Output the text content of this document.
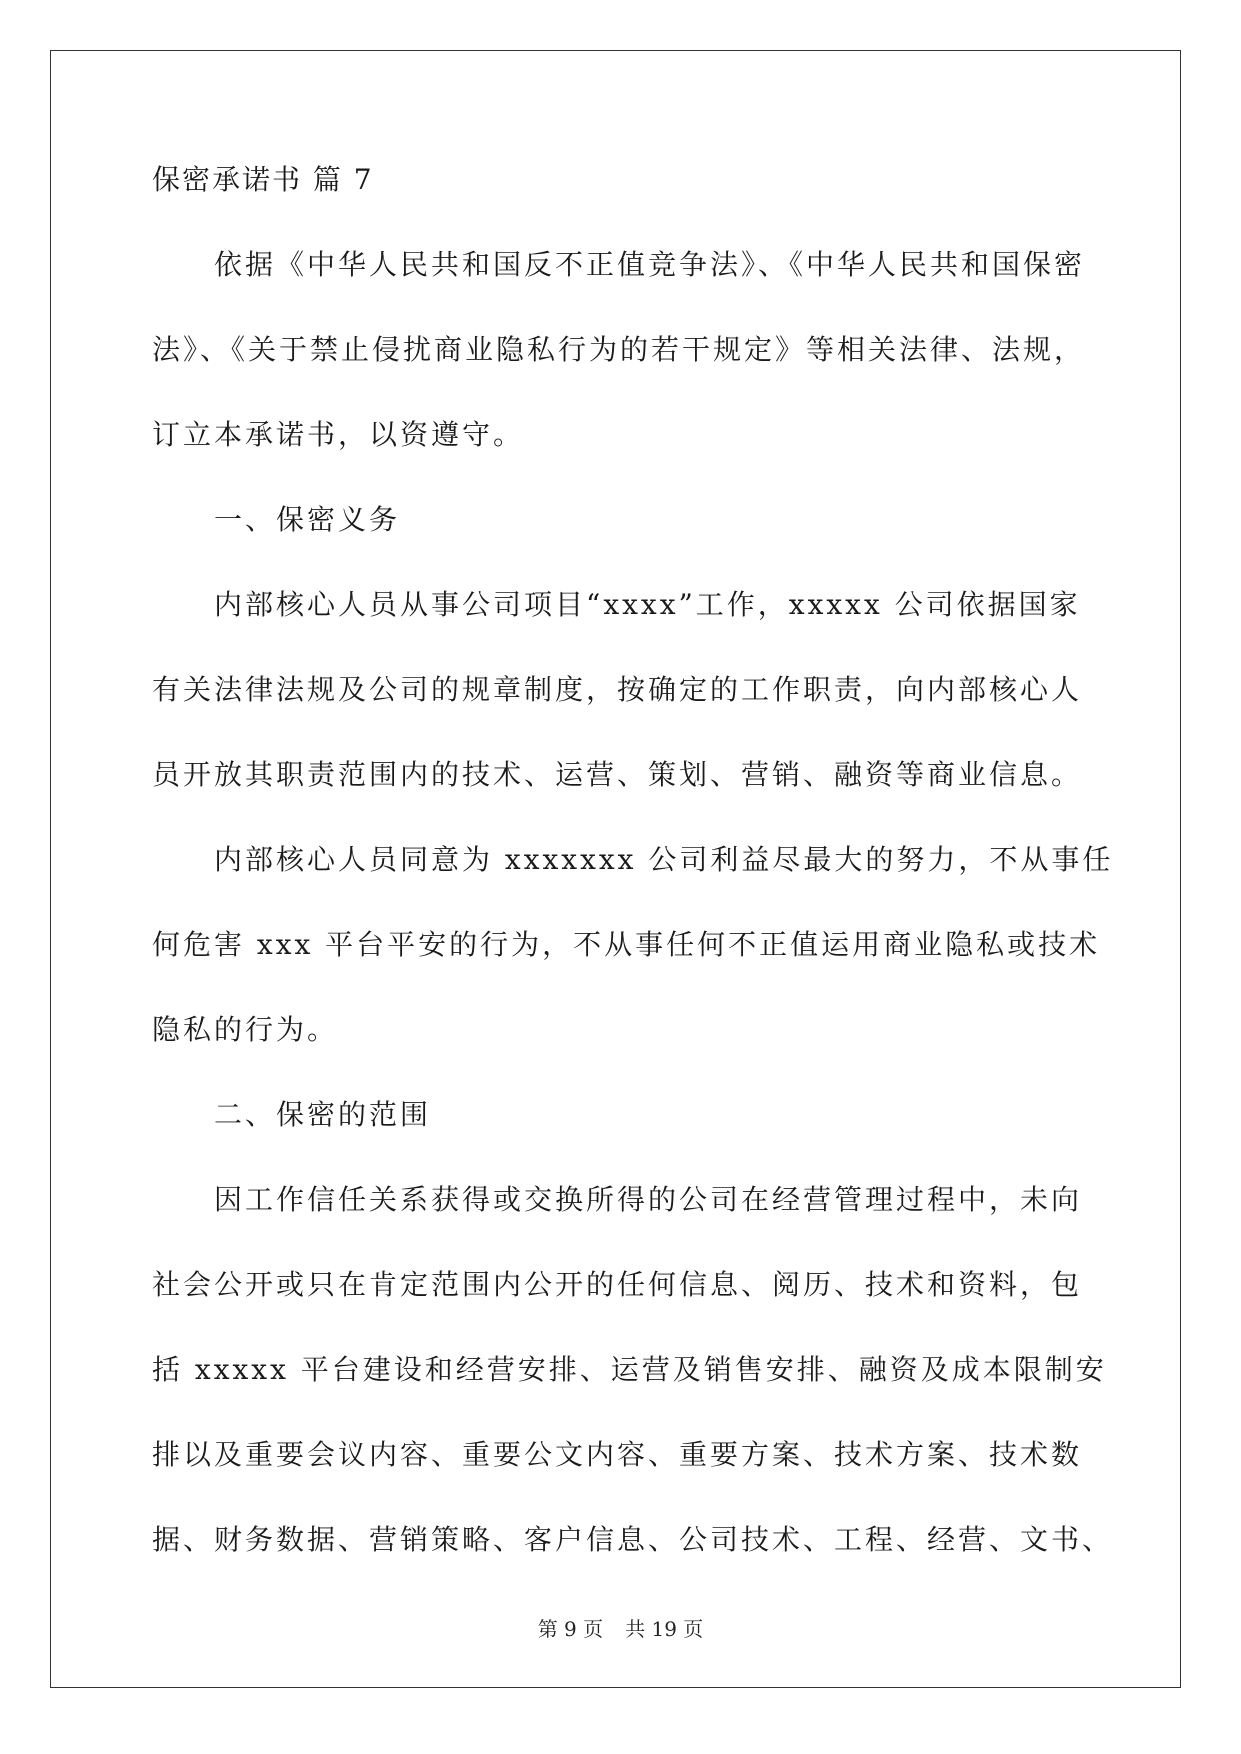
保密承诺书 篇 7
依据《中华人民共和国反不正值竞争法》、《中华人民共和国保密
法》、《关于禁止侵扰商业隐私行为的若干规定》等相关法律、法规，
订立本承诺书，以资遵守。
一、保密义务
内部核心人员从事公司项目“xxxx”工作，xxxxx 公司依据国家
有关法律法规及公司的规章制度，按确定的工作职责，向内部核心人
员开放其职责范围内的技术、运营、策划、营销、融资等商业信息。
内部核心人员同意为 xxxxxxx 公司利益尽最大的努力，不从事任
何危害 xxx 平台平安的行为，不从事任何不正值运用商业隐私或技术
隐私的行为。
二、保密的范围
因工作信任关系获得或交换所得的公司在经营管理过程中，未向
社会公开或只在肯定范围内公开的任何信息、阅历、技术和资料，包
括 xxxxx 平台建设和经营安排、运营及销售安排、融资及成本限制安
排以及重要会议内容、重要公文内容、重要方案、技术方案、技术数
据、财务数据、营销策略、客户信息、公司技术、工程、经营、文书、
第 9 页 共 19 页
